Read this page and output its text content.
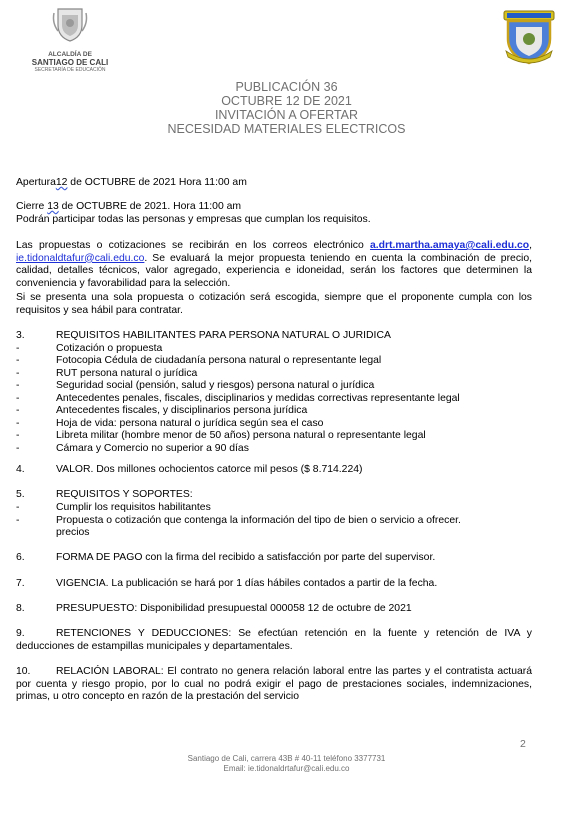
ALCALDÍA DE
SANTIAGO DE CALI
SECRETARÍA DE EDUCACIÓN
PUBLICACIÓN 36
OCTUBRE 12 DE 2021
INVITACIÓN A OFERTAR
NECESIDAD MATERIALES ELECTRICOS
Apertura12 de OCTUBRE de 2021 Hora 11:00 am
Cierre 13 de OCTUBRE de 2021. Hora 11:00 am
Podrán participar todas las personas y empresas que cumplan los requisitos.
Las propuestas o cotizaciones se recibirán en los correos electrónico a.drt.martha.amaya@cali.edu.co, ie.tidonaldtafur@cali.edu.co. Se evaluará la mejor propuesta teniendo en cuenta la combinación de precio, calidad, detalles técnicos, valor agregado, experiencia e idoneidad, serán los factores que determinen la conveniencia y favorabilidad para la selección.
Si se presenta una sola propuesta o cotización será escogida, siempre que el proponente cumpla con los requisitos y sea hábil para contratar.
3.	REQUISITOS HABILITANTES PARA PERSONA NATURAL O JURIDICA
-	Cotización o propuesta
-	Fotocopia Cédula de ciudadanía persona natural o representante legal
-	RUT persona natural o jurídica
-	Seguridad social (pensión, salud y riesgos) persona natural o jurídica
-	Antecedentes penales, fiscales, disciplinarios y medidas correctivas representante legal
-	Antecedentes fiscales, y disciplinarios persona jurídica
-	Hoja de vida: persona natural o jurídica según sea el caso
-	Libreta militar (hombre menor de 50 años) persona natural o representante legal
-	Cámara y Comercio no superior a 90 días
4.	VALOR. Dos millones ochocientos catorce mil pesos ($ 8.714.224)
5.	REQUISITOS Y SOPORTES:
-	Cumplir los requisitos habilitantes
-	Propuesta o cotización que contenga la información del tipo de bien o servicio a ofrecer.
precios
6.	FORMA DE PAGO con la firma del recibido a satisfacción por parte del supervisor.
7.	VIGENCIA. La publicación se hará por 1 días hábiles contados a partir de la fecha.
8.	PRESUPUESTO: Disponibilidad presupuestal 000058 12 de octubre de 2021
9.	RETENCIONES Y DEDUCCIONES: Se efectúan retención en la fuente y retención de IVA y deducciones de estampillas municipales y departamentales.
10. RELACIÓN LABORAL: El contrato no genera relación laboral entre las partes y el contratista actuará por cuenta y riesgo propio, por lo cual no podrá exigir el pago de prestaciones sociales, indemnizaciones, primas, u otro concepto en razón de la prestación del servicio
2
Santiago de Cali, carrera 43B # 40-11 teléfono 3377731
Email: ie.tidonaldrtafur@cali.edu.co
